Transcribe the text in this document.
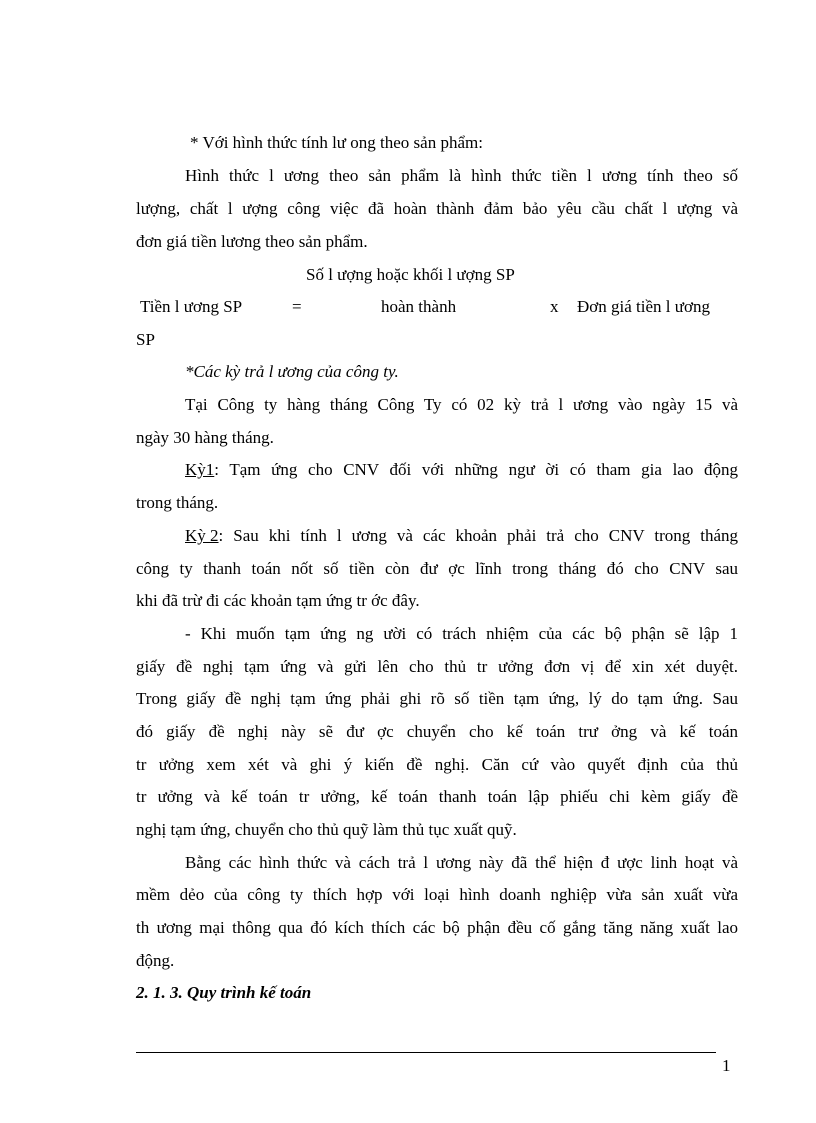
* Với hình thức tính lư ong theo sản phẩm:
Hình thức l ương theo sản phẩm là hình thức tiền l ương tính theo số
lượng, chất l ượng công việc đã hoàn thành đảm bảo yêu cầu chất l ượng và
đơn giá tiền lương theo sản phẩm.
Số l ượng hoặc khối l ượng SP
Tiền l ương SP	=	hoàn thành	x Đơn giá tiền l ương
SP
*Các kỳ trả l ương của công ty.
Tại Công ty hàng tháng Công Ty có 02 kỳ trả l ương vào ngày 15 và
ngày 30 hàng tháng.
Kỳ1 : Tạm ứng cho CNV đối với những ngư ời có tham gia lao động
trong tháng.
Kỳ 2 : Sau khi tính l ương và các khoản phải trả cho CNV trong tháng
công ty thanh toán nốt số tiền còn đư ợc lĩnh trong tháng đó cho CNV sau
khi đã trừ đi các khoản tạm ứng tr ớc đây.
- Khi muốn tạm ứng ng ười có trách nhiệm của các bộ phận sẽ lập 1
giấy đề nghị tạm ứng và gửi lên cho thủ tr ưởng đơn vị để xin xét duyệt.
Trong giấy đề nghị tạm ứng phải ghi rõ số tiền tạm ứng, lý do tạm ứng. Sau
đó giấy đề nghị này sẽ đư ợc chuyển cho kế toán trư ởng và kế toán
tr ưởng xem xét và ghi ý kiến đề nghị. Căn cứ vào quyết định của thủ
tr ưởng và kế toán tr ưởng, kế toán thanh toán lập phiếu chi kèm giấy đề
nghị tạm ứng, chuyển cho thủ quỹ làm thủ tục xuất quỹ.
Bằng các hình thức và cách trả l ương này đã thể hiện đ ược linh hoạt và
mềm dẻo của công ty thích hợp với loại hình doanh nghiệp vừa sản xuất vừa
th ương mại thông qua đó kích thích các bộ phận đều cố gắng tăng năng xuất lao
động.
2. 1. 3. Quy trình kế toán
1
